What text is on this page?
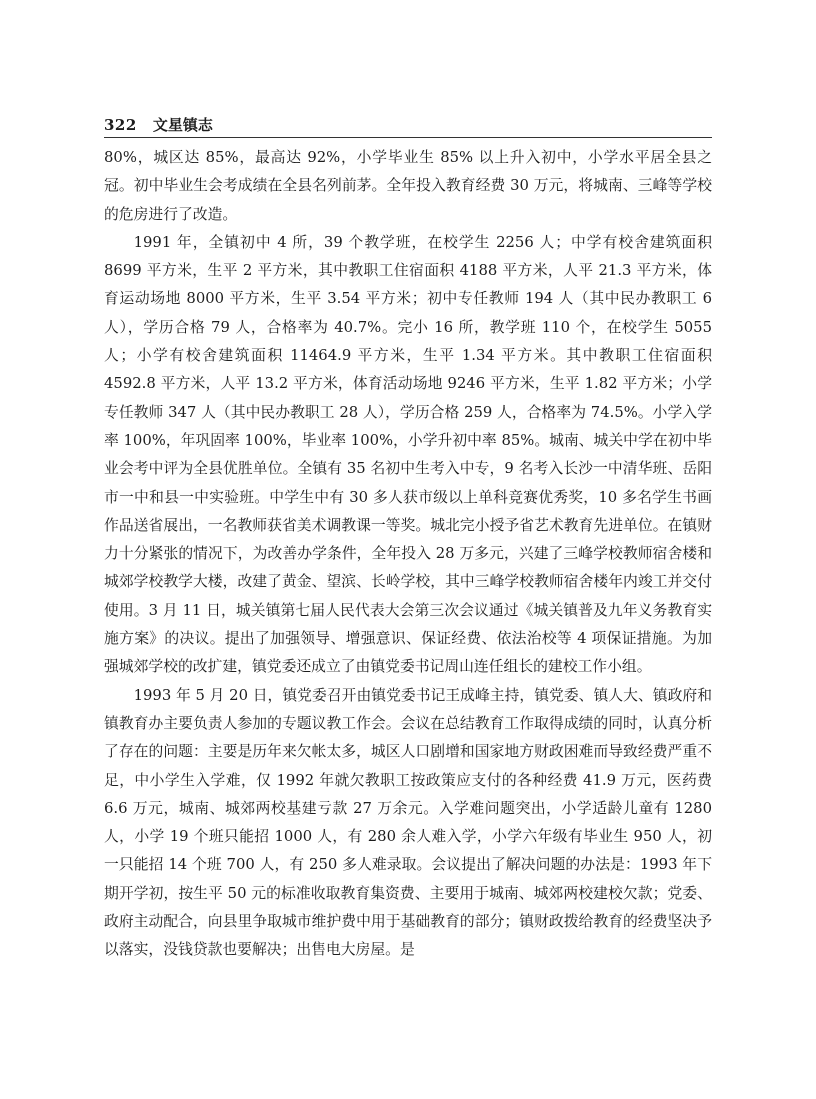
322 文星镇志

80%，城区达 85%，最高达 92%，小学毕业生 85% 以上升入初中，小学水平居全县之冠。初中毕业生会考成绩在全县名列前茅。全年投入教育经费 30 万元，将城南、三峰等学校的危房进行了改造。

1991 年，全镇初中 4 所，39 个教学班，在校学生 2256 人；中学有校舍建筑面积 8699 平方米，生平 2 平方米，其中教职工住宿面积 4188 平方米，人平 21.3 平方米，体育运动场地 8000 平方米，生平 3.54 平方米；初中专任教师 194 人（其中民办教职工 6 人），学历合格 79 人，合格率为 40.7%。完小 16 所，教学班 110 个，在校学生 5055 人；小学有校舍建筑面积 11464.9 平方米，生平 1.34 平方米。其中教职工住宿面积 4592.8 平方米，人平 13.2 平方米，体育活动场地 9246 平方米，生平 1.82 平方米；小学专任教师 347 人（其中民办教职工 28 人），学历合格 259 人，合格率为 74.5%。小学入学率 100%，年巩固率 100%，毕业率 100%，小学升初中率 85%。城南、城关中学在初中毕业会考中评为全县优胜单位。全镇有 35 名初中生考入中专，9 名考入长沙一中清华班、岳阳市一中和县一中实验班。中学生中有 30 多人获市级以上单科竞赛优秀奖，10 多名学生书画作品送省展出，一名教师获省美术调教课一等奖。城北完小授予省艺术教育先进单位。在镇财力十分紧张的情况下，为改善办学条件，全年投入 28 万多元，兴建了三峰学校教师宿舍楼和城郊学校教学大楼，改建了黄金、望滨、长岭学校，其中三峰学校教师宿舍楼年内竣工并交付使用。3 月 11 日，城关镇第七届人民代表大会第三次会议通过《城关镇普及九年义务教育实施方案》的决议。提出了加强领导、增强意识、保证经费、依法治校等 4 项保证措施。为加强城郊学校的改扩建，镇党委还成立了由镇党委书记周山连任组长的建校工作小组。

1993 年 5 月 20 日，镇党委召开由镇党委书记王成峰主持，镇党委、镇人大、镇政府和镇教育办主要负责人参加的专题议教工作会。会议在总结教育工作取得成绩的同时，认真分析了存在的问题：主要是历年来欠帐太多，城区人口剧增和国家地方财政困难而导致经费严重不足，中小学生入学难，仅 1992 年就欠教职工按政策应支付的各种经费 41.9 万元，医药费 6.6 万元，城南、城郊两校基建亏款 27 万余元。入学难问题突出，小学适龄儿童有 1280 人，小学 19 个班只能招 1000 人，有 280 余人难入学，小学六年级有毕业生 950 人，初一只能招 14 个班 700 人，有 250 多人难录取。会议提出了解决问题的办法是：1993 年下期开学初，按生平 50 元的标准收取教育集资费、主要用于城南、城郊两校建校欠款；党委、政府主动配合，向县里争取城市维护费中用于基础教育的部分；镇财政拨给教育的经费坚决予以落实，没钱贷款也要解决；出售电大房屋。是
